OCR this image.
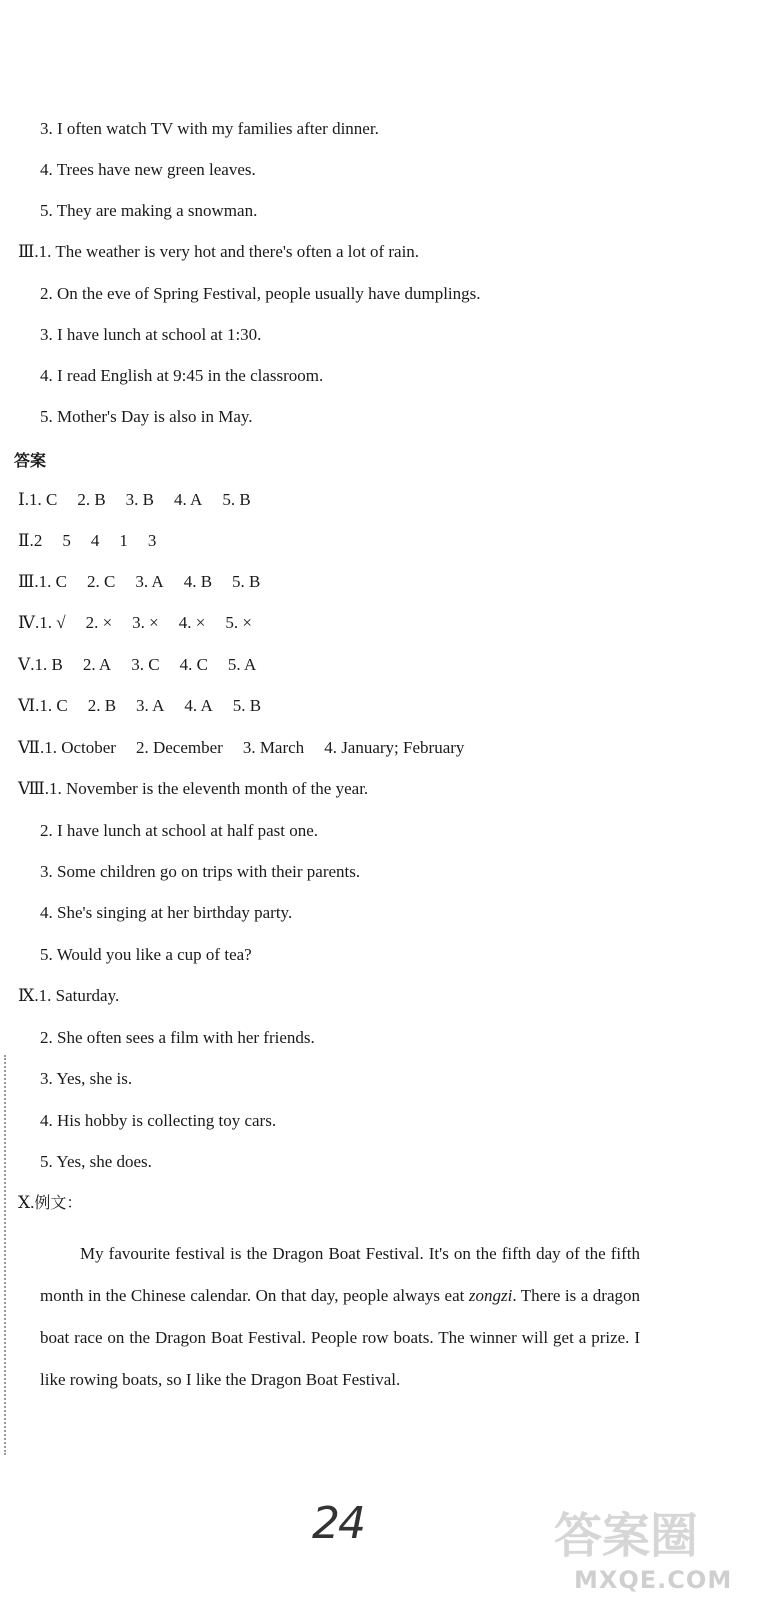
3. I often watch TV with my families after dinner.
4. Trees have new green leaves.
5. They are making a snowman.
Ⅲ.1. The weather is very hot and there's often a lot of rain.
2. On the eve of Spring Festival, people usually have dumplings.
3. I have lunch at school at 1:30.
4. I read English at 9:45 in the classroom.
5. Mother's Day is also in May.
答案
Ⅰ.1. C 2. B 3. B 4. A 5. B
Ⅱ.2 5 4 1 3
Ⅲ.1. C 2. C 3. A 4. B 5. B
Ⅳ.1. √ 2. × 3. × 4. × 5. ×
Ⅴ.1. B 2. A 3. C 4. C 5. A
Ⅵ.1. C 2. B 3. A 4. A 5. B
Ⅶ.1. October 2. December 3. March 4. January; February
Ⅷ.1. November is the eleventh month of the year.
2. I have lunch at school at half past one.
3. Some children go on trips with their parents.
4. She's singing at her birthday party.
5. Would you like a cup of tea?
Ⅸ.1. Saturday.
2. She often sees a film with her friends.
3. Yes, she is.
4. His hobby is collecting toy cars.
5. Yes, she does.
Ⅹ.例文：
My favourite festival is the Dragon Boat Festival. It's on the fifth day of the fifth month in the Chinese calendar. On that day, people always eat zongzi. There is a dragon boat race on the Dragon Boat Festival. People row boats. The winner will get a prize. I like rowing boats, so I like the Dragon Boat Festival.
24	答案圈
MXQE.COM
